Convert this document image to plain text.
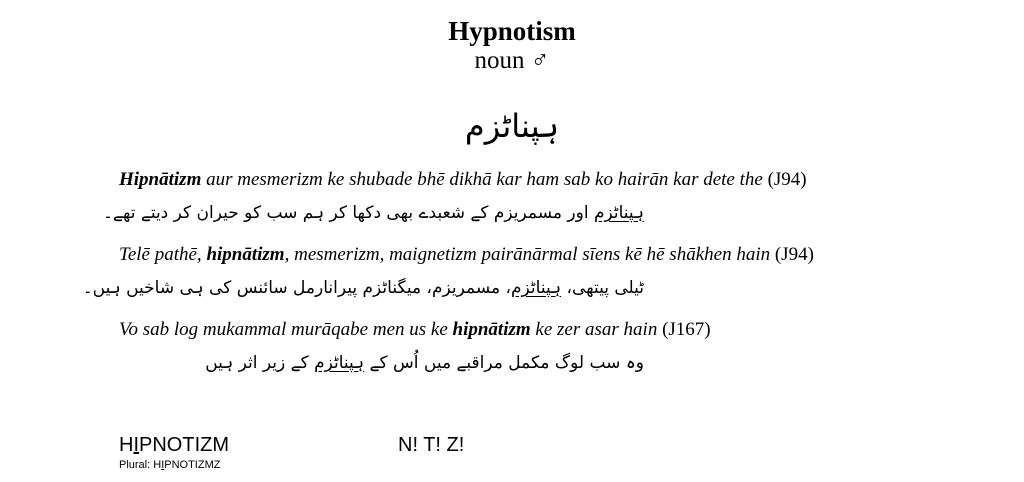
Hypnotism
noun ♂
ہپناٹزم
Hipnātizm aur mesmerizm ke shubade bhē dikhā kar ham sab ko hairān kar dete the (J94)
ہپناٹزم اور مسمریزم کے شعبدے بھی دکھا کر ہم سب کو حیران کر دیتے تھے۔
Telē pathē, hipnātizm, mesmerizm, maignetizm pairānārmal sīens kē hē shākhen hain (J94)
ٹیلی پیتھی، ہپناٹزم، مسمریزم، میگناٹزم پیرانارمل سائنس کی ہی شاخیں ہیں۔
Vo sab log mukammal murāqabe men us ke hipnātizm ke zer asar hain (J167)
وہ سب لوگ مکمل مراقبے میں اُس کے ہپناٹزم کے زیر اثر ہیں
HIPNOTIZM	N! T! Z!
Plural: HIPNOTIZMZ
